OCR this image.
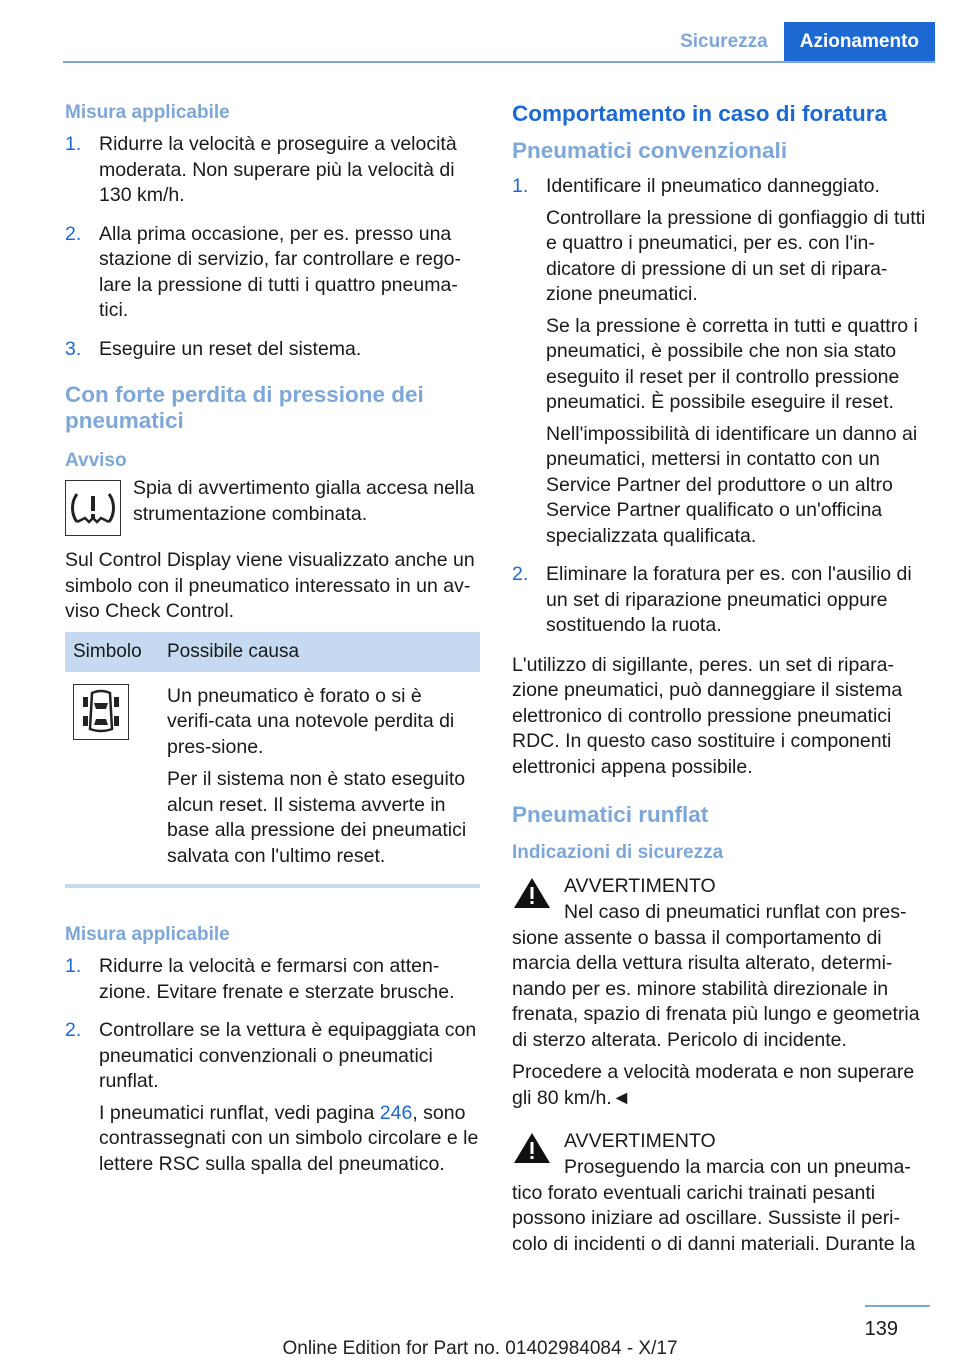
Sicurezza	Azionamento
Misura applicabile
1. Ridurre la velocità e proseguire a velocità moderata. Non superare più la velocità di 130 km/h.
2. Alla prima occasione, per es. presso una stazione di servizio, far controllare e rego-lare la pressione di tutti i quattro pneuma-tici.
3. Eseguire un reset del sistema.
Con forte perdita di pressione dei pneumatici
Avviso
Spia di avvertimento gialla accesa nella strumentazione combinata.
Sul Control Display viene visualizzato anche un simbolo con il pneumatico interessato in un av-viso Check Control.
Simbolo	Possibile causa

Un pneumatico è forato o si è verifi-cata una notevole perdita di pres-sione.
Per il sistema non è stato eseguito alcun reset. Il sistema avverte in base alla pressione dei pneumatici salvata con l'ultimo reset.
Misura applicabile
1. Ridurre la velocità e fermarsi con atten-zione. Evitare frenate e sterzate brusche.
2. Controllare se la vettura è equipaggiata con pneumatici convenzionali o pneumatici runflat.
I pneumatici runflat, vedi pagina 246, sono contrassegnati con un simbolo circolare e le lettere RSC sulla spalla del pneumatico.
Comportamento in caso di foratura
Pneumatici convenzionali
1. Identificare il pneumatico danneggiato.
Controllare la pressione di gonfiaggio di tutti e quattro i pneumatici, per es. con l'in-dicatore di pressione di un set di ripara-zione pneumatici.
Se la pressione è corretta in tutti e quattro i pneumatici, è possibile che non sia stato eseguito il reset per il controllo pressione pneumatici. È possibile eseguire il reset.
Nell'impossibilità di identificare un danno ai pneumatici, mettersi in contatto con un Service Partner del produttore o un altro Service Partner qualificato o un'officina specializzata qualificata.
2. Eliminare la foratura per es. con l'ausilio di un set di riparazione pneumatici oppure sostituendo la ruota.
L'utilizzo di sigillante, peres. un set di ripara-zione pneumatici, può danneggiare il sistema elettronico di controllo pressione pneumatici RDC. In questo caso sostituire i componenti elettronici appena possibile.
Pneumatici runflat
Indicazioni di sicurezza
AVVERTIMENTO
Nel caso di pneumatici runflat con pres-sione assente o bassa il comportamento di marcia della vettura risulta alterato, determi-nando per es. minore stabilità direzionale in frenata, spazio di frenata più lungo e geometria di sterzo alterata. Pericolo di incidente.
Procedere a velocità moderata e non superare gli 80 km/h.◄
AVVERTIMENTO
Proseguendo la marcia con un pneuma-tico forato eventuali carichi trainati pesanti possono iniziare ad oscillare. Sussiste il peri-colo di incidenti o di danni materiali. Durante la
139
Online Edition for Part no. 01402984084 - X/17
